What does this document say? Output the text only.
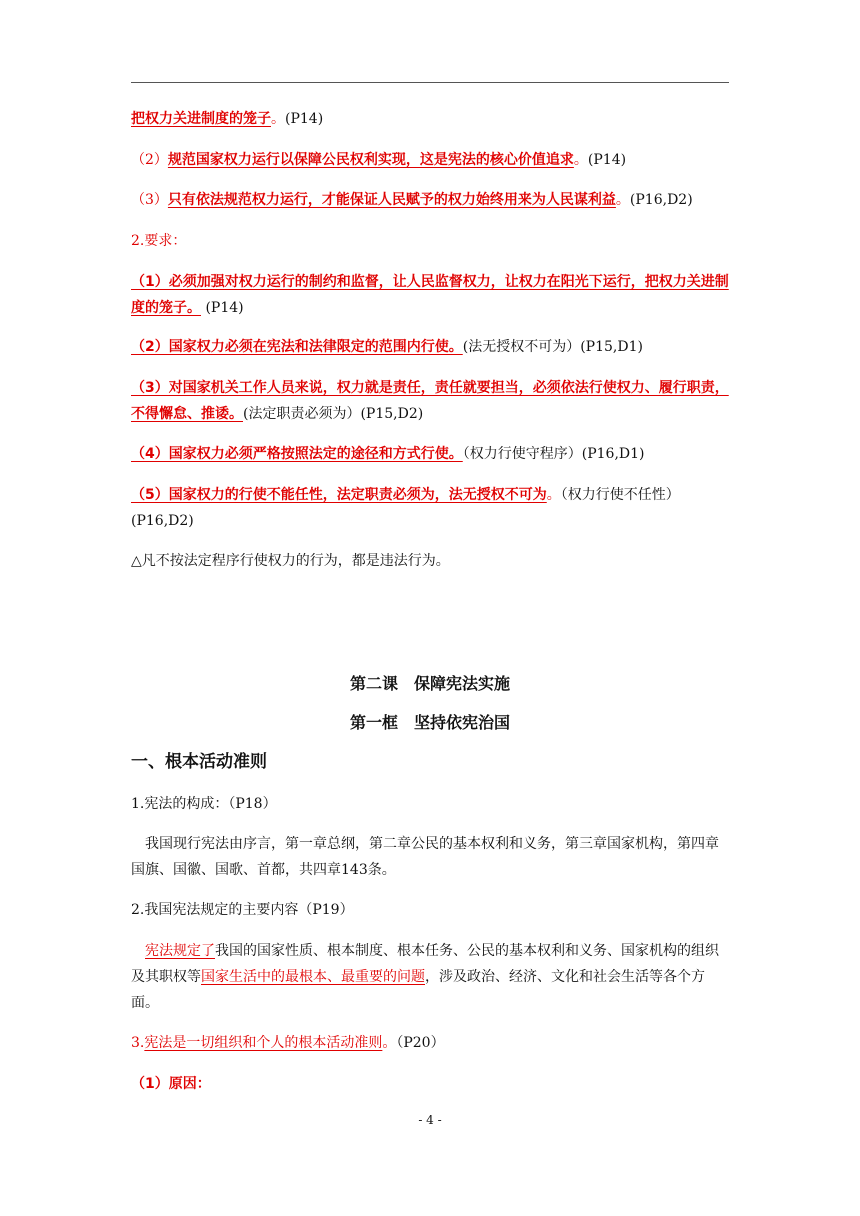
把权力关进制度的笼子。(P14)

（2）规范国家权力运行以保障公民权利实现，这是宪法的核心价值追求。(P14)

（3）只有依法规范权力运行，才能保证人民赋予的权力始终用来为人民谋利益。(P16,D2)

2.要求：

（1）必须加强对权力运行的制约和监督，让人民监督权力，让权力在阳光下运行，把权力关进制度的笼子。 (P14)

（2）国家权力必须在宪法和法律限定的范围内行使。(法无授权不可为）(P15,D1)

（3）对国家机关工作人员来说，权力就是责任，责任就要担当，必须依法行使权力、履行职责，不得懈怠、推诿。(法定职责必须为）(P15,D2)

（4）国家权力必须严格按照法定的途径和方式行使。（权力行使守程序）(P16,D1)

（5）国家权力的行使不能任性，法定职责必须为，法无授权不可为。（权力行使不任性）(P16,D2)

△凡不按法定程序行使权力的行为，都是违法行为。

第二课　保障宪法实施

第一框　坚持依宪治国

一、根本活动准则

1.宪法的构成：（P18）

我国现行宪法由序言，第一章总纲，第二章公民的基本权利和义务，第三章国家机构，第四章国旗、国徽、国歌、首都，共四章143条。

2.我国宪法规定的主要内容（P19）

宪法规定了我国的国家性质、根本制度、根本任务、公民的基本权利和义务、国家机构的组织及其职权等国家生活中的最根本、最重要的问题，涉及政治、经济、文化和社会生活等各个方面。

3.宪法是一切组织和个人的根本活动准则。（P20）

（1）原因：

- 4 -
